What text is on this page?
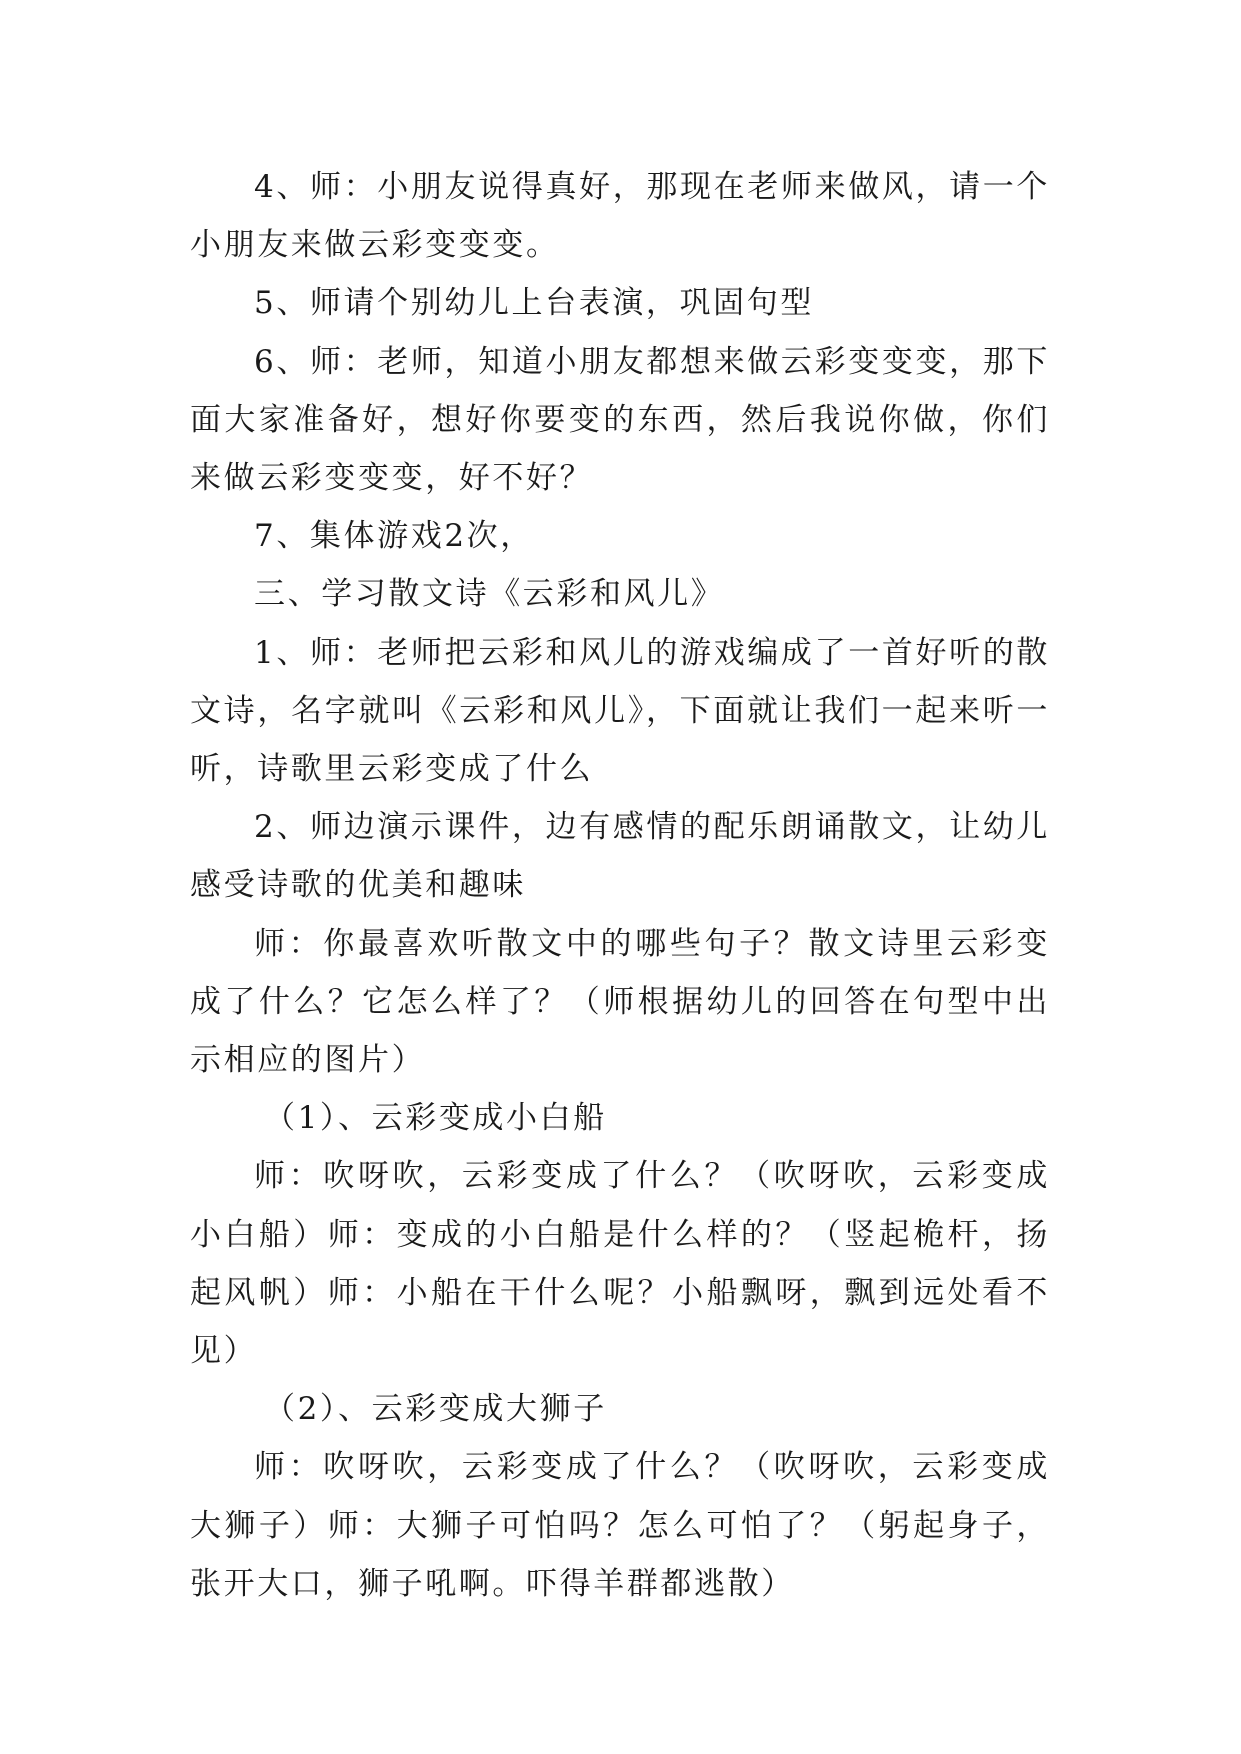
4、师：小朋友说得真好，那现在老师来做风，请一个小朋友来做云彩变变变。

5、师请个别幼儿上台表演，巩固句型

6、师：老师，知道小朋友都想来做云彩变变变，那下面大家准备好，想好你要变的东西，然后我说你做，你们来做云彩变变变，好不好？

7、集体游戏2次，

三、学习散文诗《云彩和风儿》

1、师：老师把云彩和风儿的游戏编成了一首好听的散文诗，名字就叫《云彩和风儿》，下面就让我们一起来听一听，诗歌里云彩变成了什么

2、师边演示课件，边有感情的配乐朗诵散文，让幼儿感受诗歌的优美和趣味

师：你最喜欢听散文中的哪些句子？散文诗里云彩变成了什么？它怎么样了？（师根据幼儿的回答在句型中出示相应的图片）

（1）、云彩变成小白船

师：吹呀吹，云彩变成了什么？（吹呀吹，云彩变成小白船）师：变成的小白船是什么样的？（竖起桅杆，扬起风帆）师：小船在干什么呢？小船飘呀，飘到远处看不见）

（2）、云彩变成大狮子

师：吹呀吹，云彩变成了什么？（吹呀吹，云彩变成大狮子）师：大狮子可怕吗？怎么可怕了？（躬起身子，张开大口，狮子吼啊。吓得羊群都逃散）
